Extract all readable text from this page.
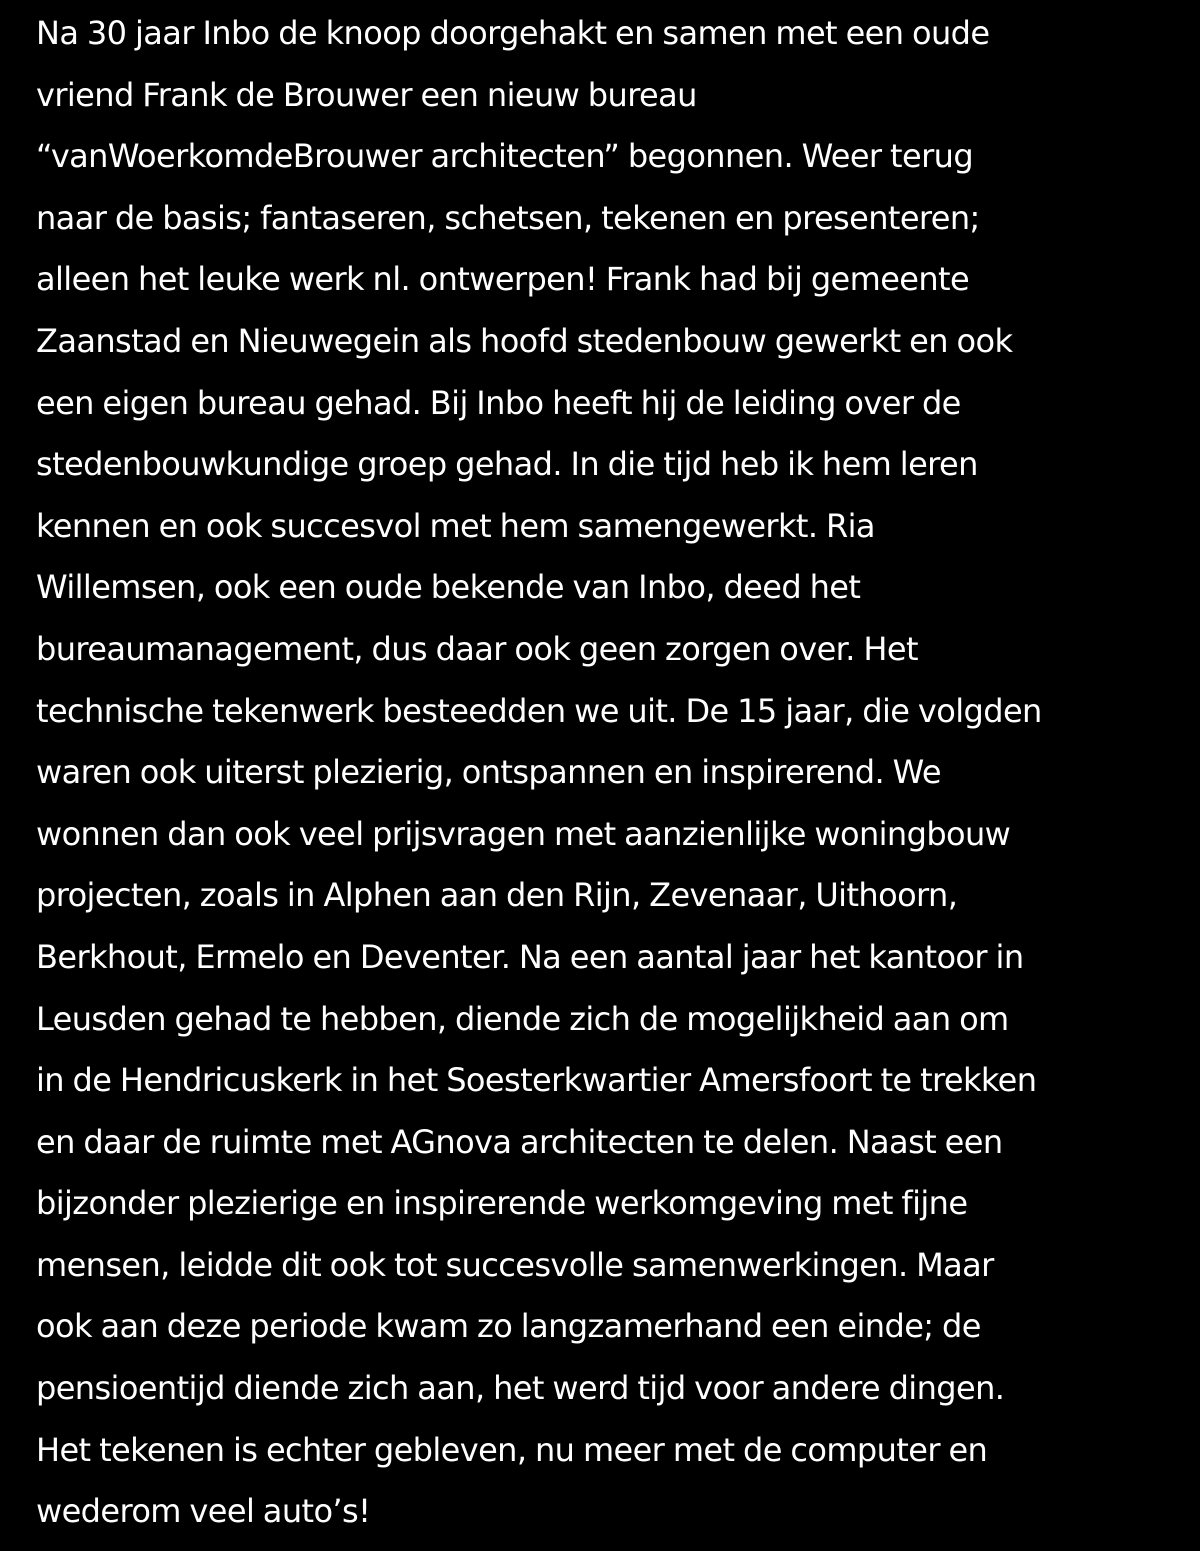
Na 30 jaar Inbo de knoop doorgehakt en samen met een oude
vriend Frank de Brouwer een nieuw bureau
“vanWoerkomdeBrouwer architecten” begonnen. Weer terug
naar de basis; fantaseren, schetsen, tekenen en presenteren;
alleen het leuke werk nl. ontwerpen! Frank had bij gemeente
Zaanstad en Nieuwegein als hoofd stedenbouw gewerkt en ook
een eigen bureau gehad. Bij Inbo heeft hij de leiding over de
stedenbouwkundige groep gehad. In die tijd heb ik hem leren
kennen en ook succesvol met hem samengewerkt. Ria
Willemsen, ook een oude bekende van Inbo, deed het
bureaumanagement, dus daar ook geen zorgen over. Het
technische tekenwerk besteedden we uit. De 15 jaar, die volgden
waren ook uiterst plezierig, ontspannen en inspirerend. We
wonnen dan ook veel prijsvragen met aanzienlijke woningbouw
projecten, zoals in Alphen aan den Rijn, Zevenaar, Uithoorn,
Berkhout, Ermelo en Deventer. Na een aantal jaar het kantoor in
Leusden gehad te hebben, diende zich de mogelijkheid aan om
in de Hendricuskerk in het Soesterkwartier Amersfoort te trekken
en daar de ruimte met AGnova architecten te delen. Naast een
bijzonder plezierige en inspirerende werkomgeving met fijne
mensen, leidde dit ook tot succesvolle samenwerkingen. Maar
ook aan deze periode kwam zo langzamerhand een einde; de
pensioentijd diende zich aan, het werd tijd voor andere dingen.
Het tekenen is echter gebleven, nu meer met de computer en
wederom veel auto’s!
